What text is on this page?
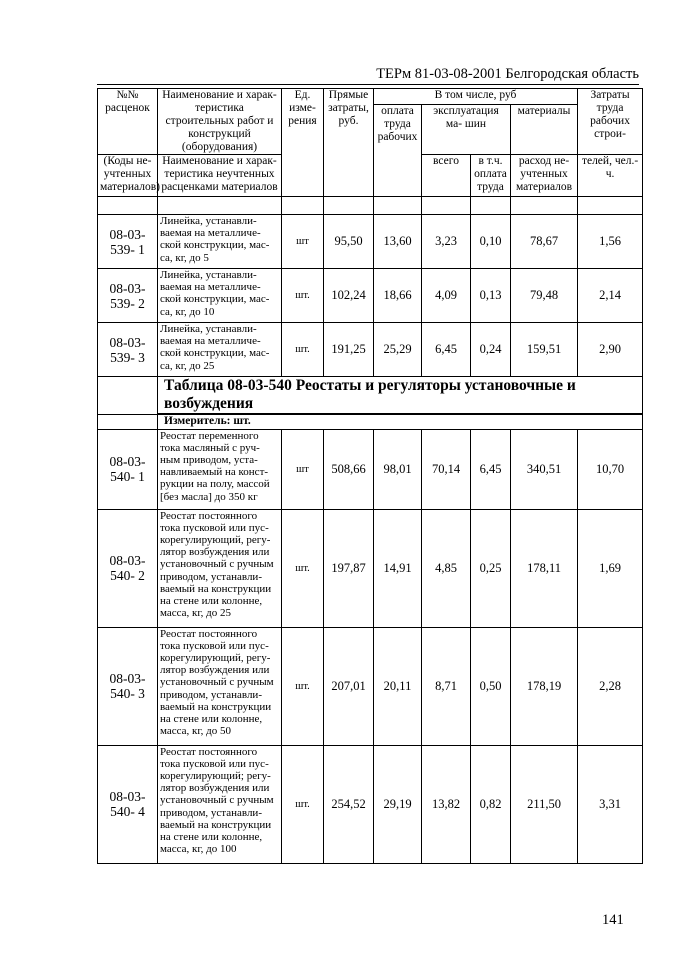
ТЕРм 81-03-08-2001 Белгородская область
№№ расценок	Наименование и харак- теристика строительных работ и конструкций (оборудования)	Ед. изме- рения	Прямые затраты, руб.	В том числе, руб				Затраты труда рабочих строи-
				оплата труда рабочих	эксплуатация ма- шин		материалы	
(Коды не- учтенных материалов)	Наименование и харак- теристика неучтенных расценками материалов				всего	в т.ч. оплата труда	расход не- учтенных материалов	телей, чел.-ч.

08-03-539- 1	Линейка, устанавли- ваемая на металличе- ской конструкции, мас- са, кг, до 5	шт	95,50	13,60	3,23	0,10	78,67	1,56
08-03-539- 2	Линейка, устанавли- ваемая на металличе- ской конструкции, мас- са, кг, до 10	шт.	102,24	18,66	4,09	0,13	79,48	2,14
08-03-539- 3	Линейка, устанавли- ваемая на металличе- ской конструкции, мас- са, кг, до 25	шт.	191,25	25,29	6,45	0,24	159,51	2,90
	Таблица 08-03-540 Реостаты и регуляторы установочные и возбуждения							
	Измеритель: шт.							
08-03-540- 1	Реостат переменного тока масляный с руч- ным приводом, уста- навливаемый на конст- рукции на полу, массой [без масла] до 350 кг	шт	508,66	98,01	70,14	6,45	340,51	10,70
08-03-540- 2	Реостат постоянного тока пусковой или пус- корегулирующий, регу- лятор возбуждения или установочный с ручным приводом, устанавли- ваемый на конструкции на стене или колонне, масса, кг, до 25	шт.	197,87	14,91	4,85	0,25	178,11	1,69
08-03-540- 3	Реостат постоянного тока пусковой или пус- корегулирующий, регу- лятор возбуждения или установочный с ручным приводом, устанавли- ваемый на конструкции на стене или колонне, масса, кг, до 50	шт.	207,01	20,11	8,71	0,50	178,19	2,28
08-03-540- 4	Реостат постоянного тока пусковой или пус- корегулирующий; регу- лятор возбуждения или установочный с ручным приводом, устанавли- ваемый на конструкции на стене или колонне, масса, кг, до 100	шт.	254,52	29,19	13,82	0,82	211,50	3,31
141
